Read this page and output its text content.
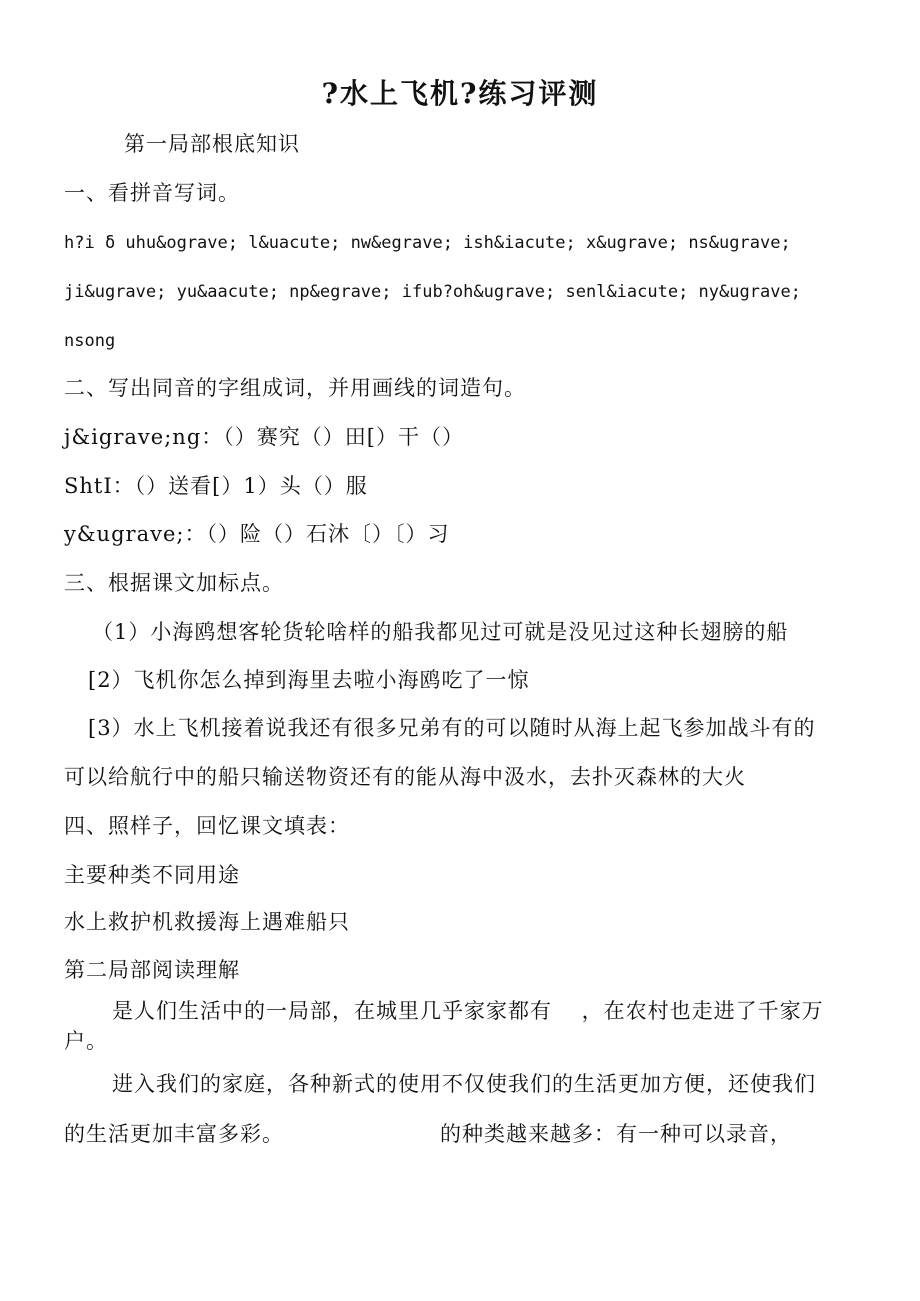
?水上飞机?练习评测
第一局部根底知识
一、看拼音写词。
h?i δ uhu&ograve; l&uacute; nw&egrave; ish&iacute; x&ugrave; ns&ugrave;
ji&ugrave; yu&aacute; np&egrave; ifub?oh&ugrave; senl&iacute; ny&ugrave;
nsong
二、写出同音的字组成词，并用画线的词造句。
j&igrave;ng：（）赛究（）田[）干（）
ShtI：（）送看[）1）头（）服
y&ugrave;：（）险（）石沐〔）〔）习
三、根据课文加标点。
（1）小海鸥想客轮货轮啥样的船我都见过可就是没见过这种长翅膀的船
[2）飞机你怎么掉到海里去啦小海鸥吃了一惊
[3）水上飞机接着说我还有很多兄弟有的可以随时从海上起飞参加战斗有的
可以给航行中的船只输送物资还有的能从海中汲水，去扑灭森林的大火
四、照样子，回忆课文填表：
主要种类不同用途
水上救护机救援海上遇难船只
第二局部阅读理解
是人们生活中的一局部，在城里几乎家家都有　 ，在农村也走进了千家万户。
进入我们的家庭，各种新式的使用不仅使我们的生活更加方便，还使我们
的生活更加丰富多彩。	的种类越来越多：有一种可以录音，
